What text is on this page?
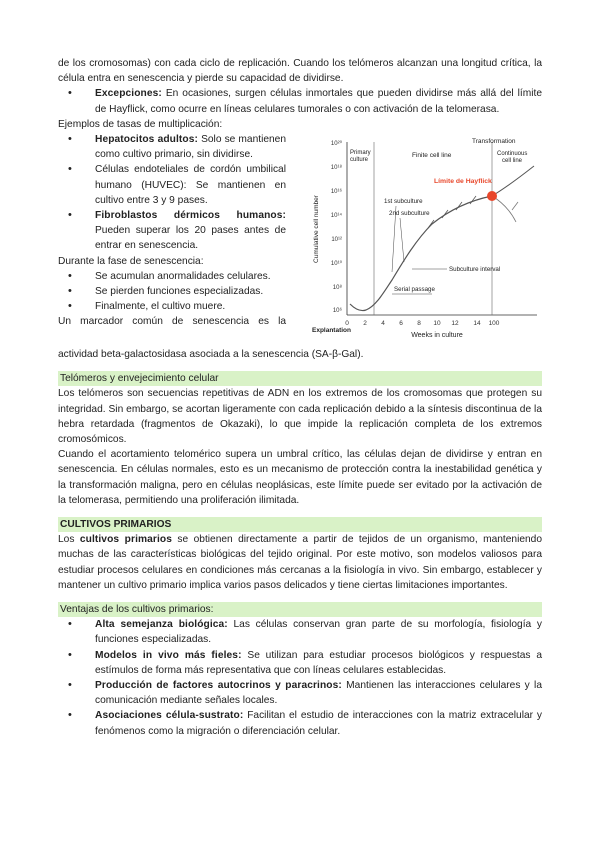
de los cromosomas) con cada ciclo de replicación. Cuando los telómeros alcanzan una longitud crítica, la célula entra en senescencia y pierde su capacidad de dividirse.

• Excepciones: En ocasiones, surgen células inmortales que pueden dividirse más allá del límite de Hayflick, como ocurre en líneas celulares tumorales o con activación de la telomerasa.

Ejemplos de tasas de multiplicación:

10²⁰
10¹⁸
10¹⁶
10¹⁴
10¹²
10¹⁰
10⁸
10⁶
0 2 4 6 8 10 12 14 100
Explantation
Weeks in culture
Cumulative cell number
Primary culture
Finite cell line
Transformation
Continuous cell line
Límite de Hayflick
1st subculture
2nd subculture
Subculture interval
Serial passage
• Hepatocitos adultos: Solo se mantienen como cultivo primario, sin dividirse.
• Células endoteliales de cordón umbilical humano (HUVEC): Se mantienen en cultivo entre 3 y 9 pases.
• Fibroblastos dérmicos humanos: Pueden superar los 20 pases antes de entrar en senescencia.

Durante la fase de senescencia:

• Se acumulan anormalidades celulares.
• Se pierden funciones especializadas.
• Finalmente, el cultivo muere.

Un marcador común de senescencia es la

actividad beta-galactosidasa asociada a la senescencia (SA-β-Gal).

Telómeros y envejecimiento celular

Los telómeros son secuencias repetitivas de ADN en los extremos de los cromosomas que protegen su integridad. Sin embargo, se acortan ligeramente con cada replicación debido a la síntesis discontinua de la hebra retardada (fragmentos de Okazaki), lo que impide la replicación completa de los extremos cromosómicos.

Cuando el acortamiento telomérico supera un umbral crítico, las células dejan de dividirse y entran en senescencia. En células normales, esto es un mecanismo de protección contra la inestabilidad genética y la transformación maligna, pero en células neoplásicas, este límite puede ser evitado por la activación de la telomerasa, permitiendo una proliferación ilimitada.

CULTIVOS PRIMARIOS

Los cultivos primarios se obtienen directamente a partir de tejidos de un organismo, manteniendo muchas de las características biológicas del tejido original. Por este motivo, son modelos valiosos para estudiar procesos celulares en condiciones más cercanas a la fisiología in vivo. Sin embargo, establecer y mantener un cultivo primario implica varios pasos delicados y tiene ciertas limitaciones importantes.

Ventajas de los cultivos primarios:

• Alta semejanza biológica: Las células conservan gran parte de su morfología, fisiología y funciones especializadas.
• Modelos in vivo más fieles: Se utilizan para estudiar procesos biológicos y respuestas a estímulos de forma más representativa que con líneas celulares establecidas.
• Producción de factores autocrinos y paracrinos: Mantienen las interacciones celulares y la comunicación mediante señales locales.
• Asociaciones célula-sustrato: Facilitan el estudio de interacciones con la matriz extracelular y fenómenos como la migración o diferenciación celular.
